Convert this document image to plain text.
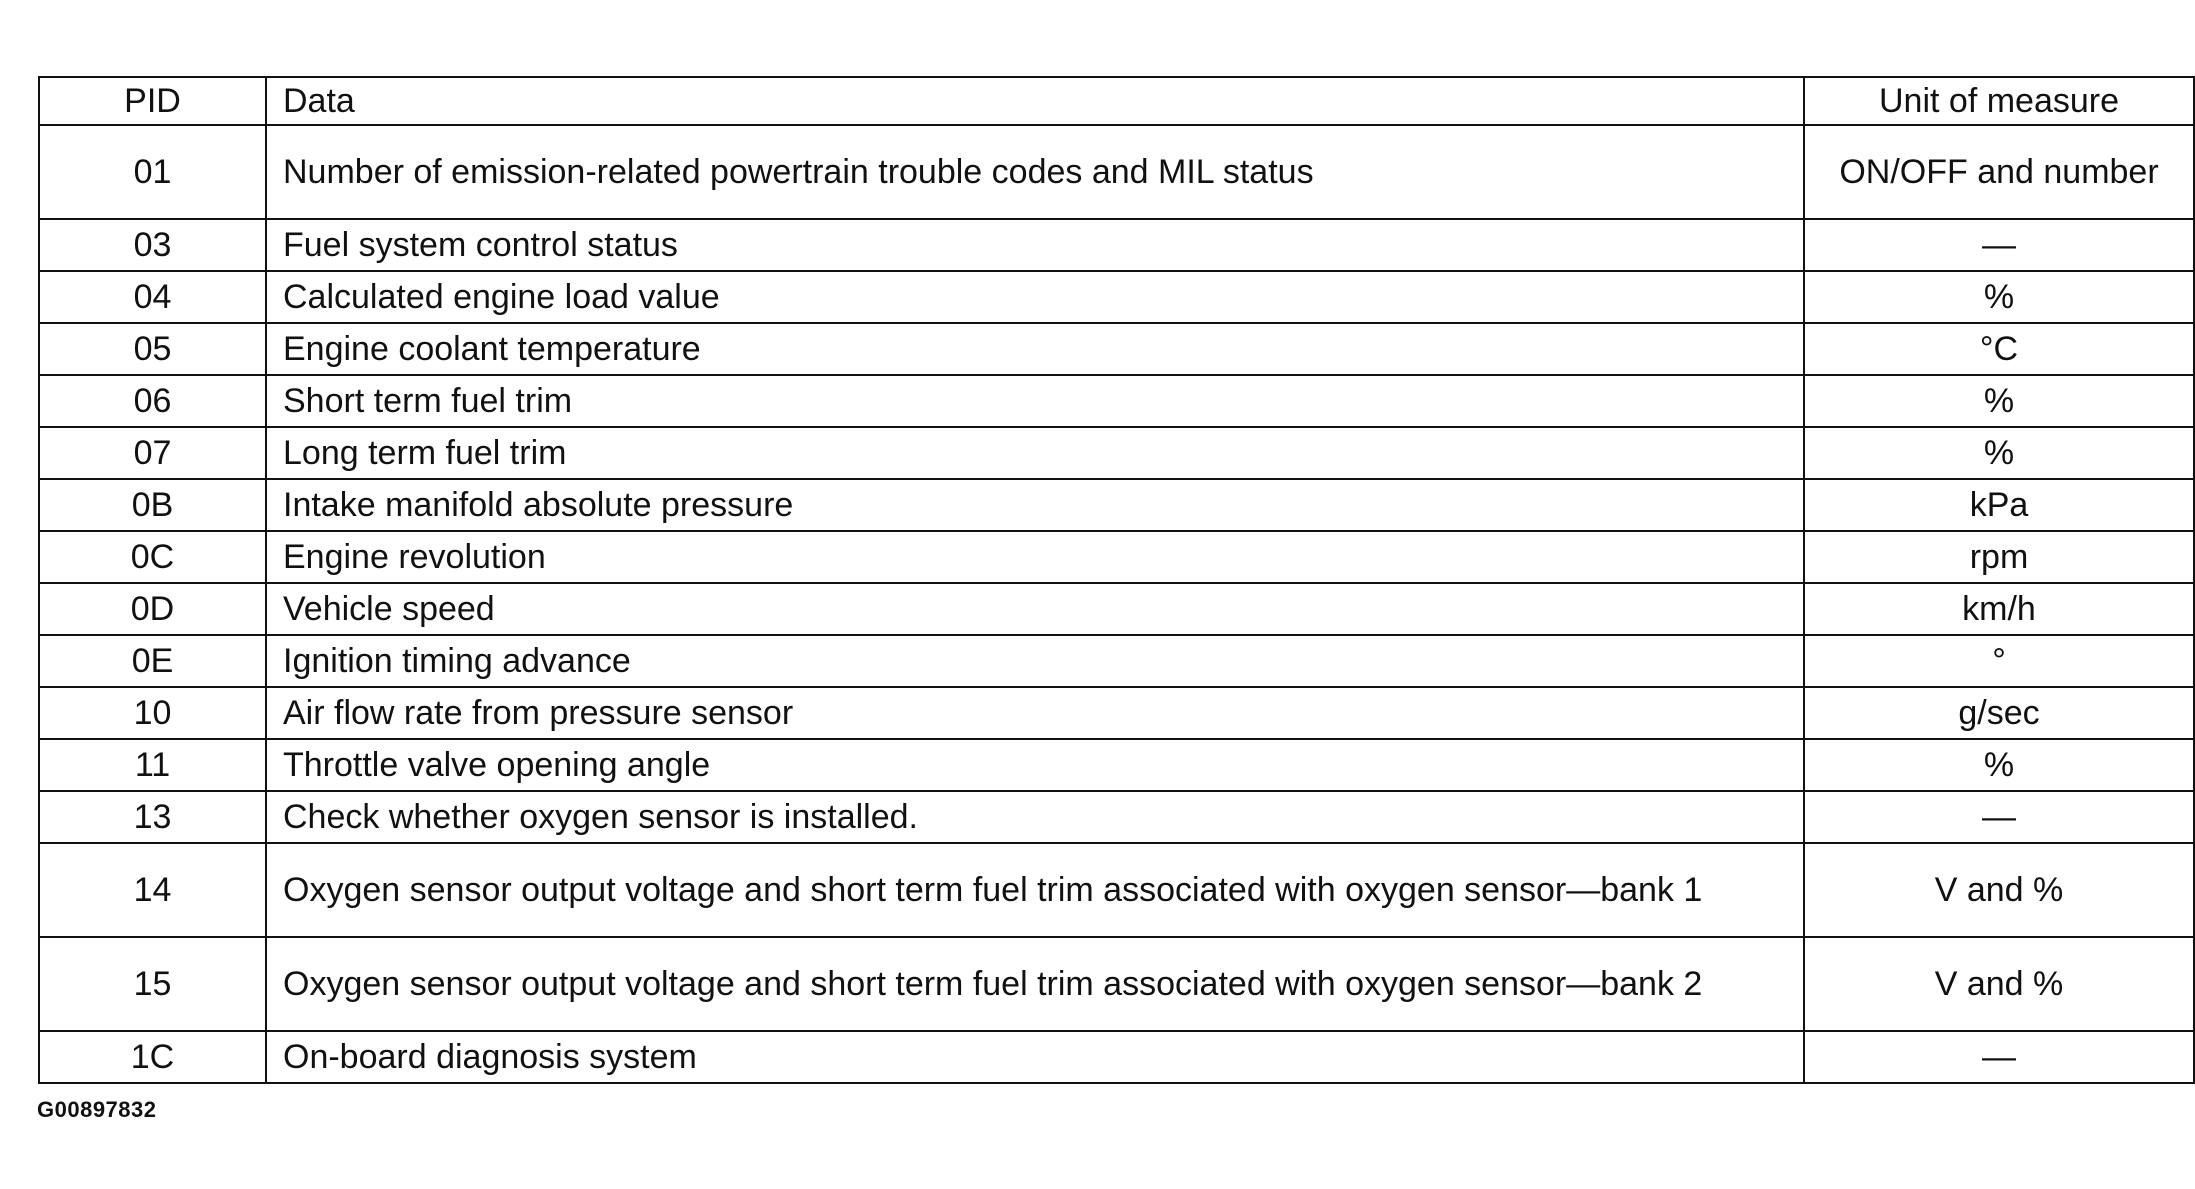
PID	Data	Unit of measure
01	Number of emission-related powertrain trouble codes and MIL status	ON/OFF and number
03	Fuel system control status	—
04	Calculated engine load value	%
05	Engine coolant temperature	°C
06	Short term fuel trim	%
07	Long term fuel trim	%
0B	Intake manifold absolute pressure	kPa
0C	Engine revolution	rpm
0D	Vehicle speed	km/h
0E	Ignition timing advance	°
10	Air flow rate from pressure sensor	g/sec
11	Throttle valve opening angle	%
13	Check whether oxygen sensor is installed.	—
14	Oxygen sensor output voltage and short term fuel trim associated with oxygen sensor—bank 1	V and %
15	Oxygen sensor output voltage and short term fuel trim associated with oxygen sensor—bank 2	V and %
1C	On-board diagnosis system	—
G00897832
